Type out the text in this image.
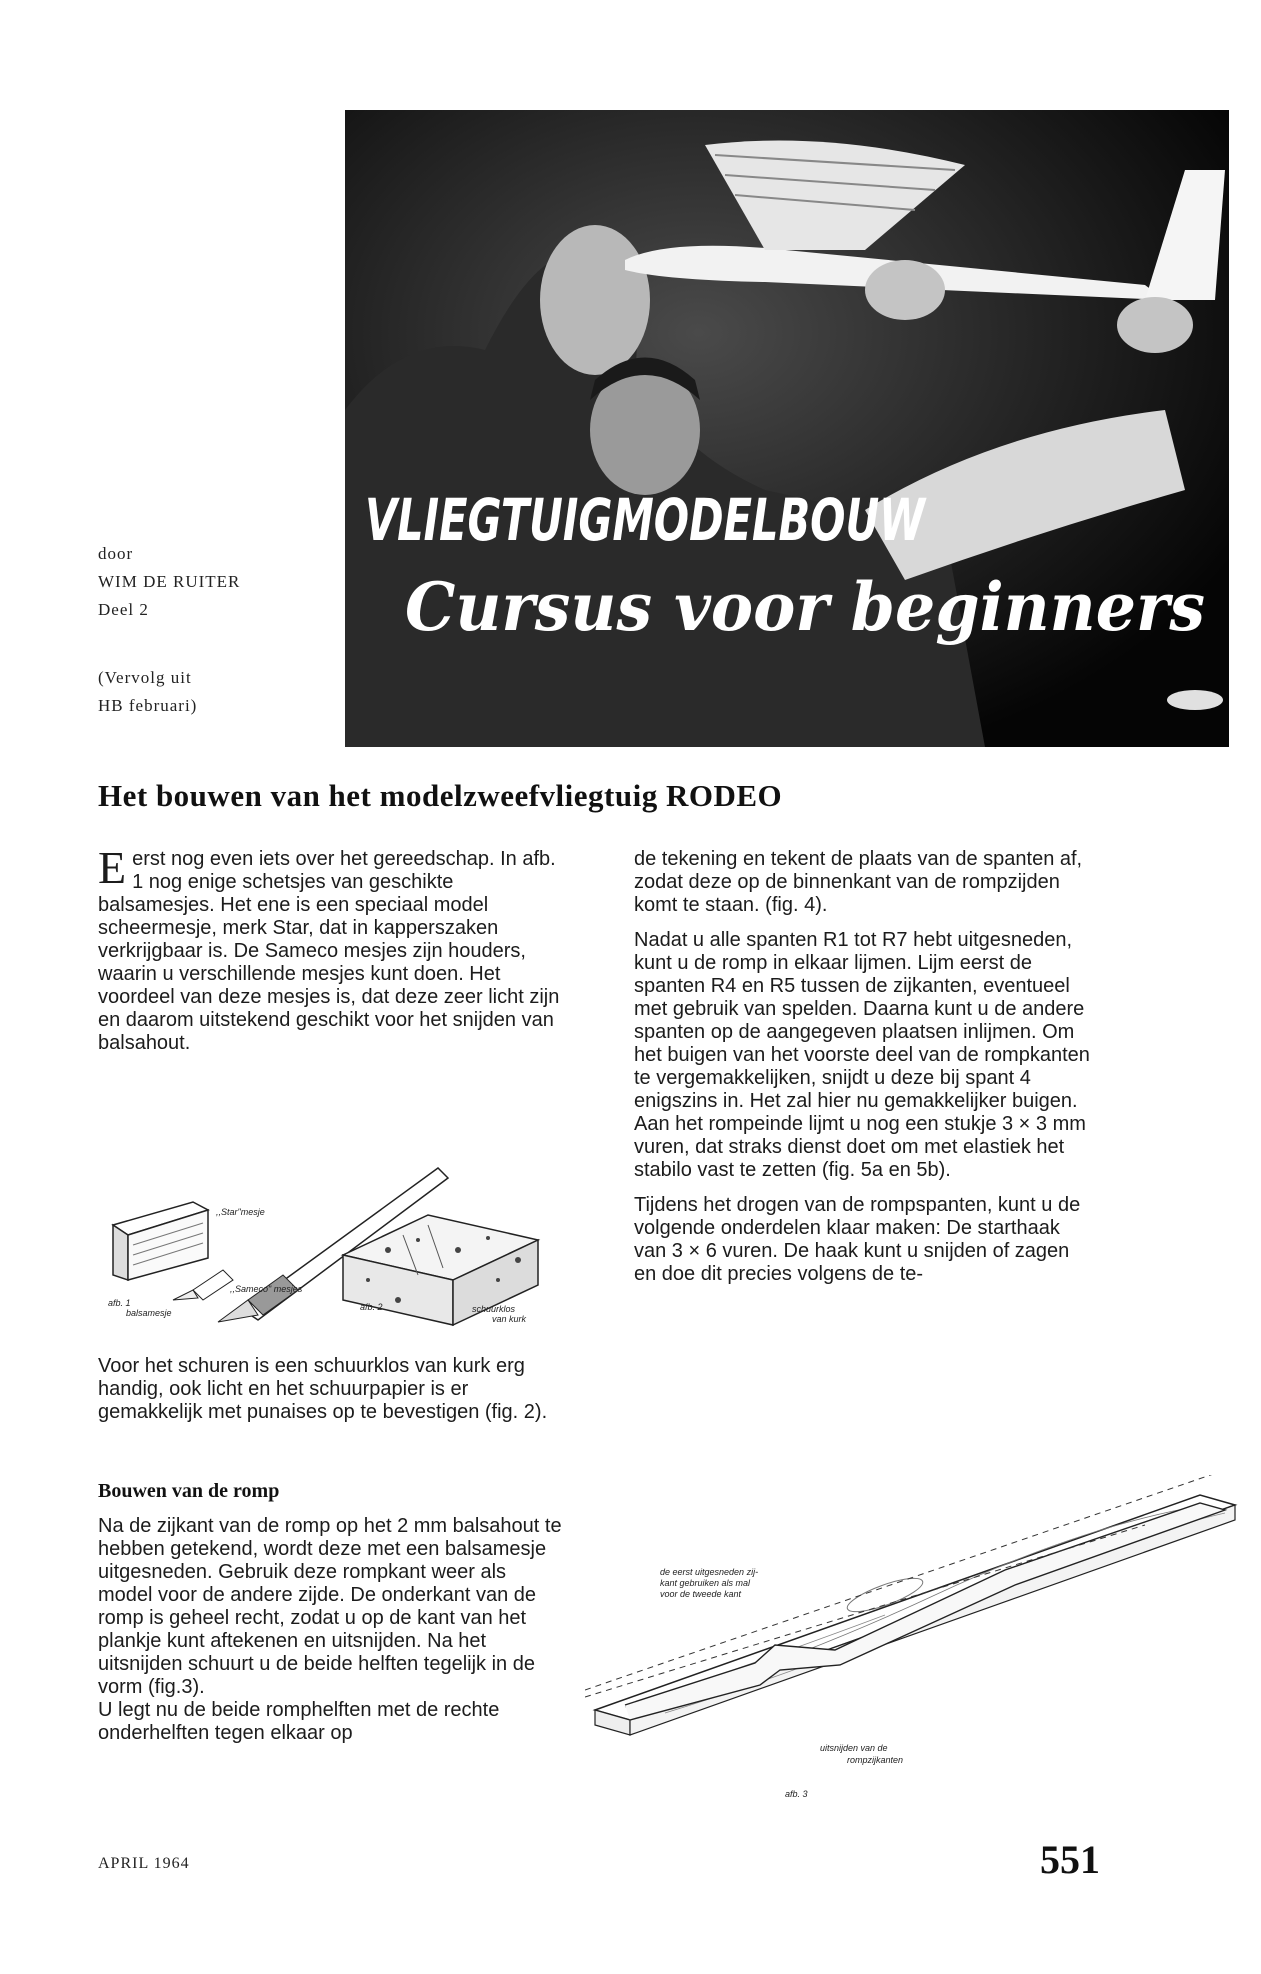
door
WIM DE RUITER
Deel 2
(Vervolg uit
HB februari)
VLIEGTUIGMODELBOUW
Cursus voor beginners
Het bouwen van het modelzweefvliegtuig RODEO

Eerst nog even iets over het gereedschap. In afb. 1 nog enige schetsjes van geschikte balsamesjes. Het ene is een speciaal model scheermesje, merk Star, dat in kapperszaken verkrijgbaar is. De Sameco mesjes zijn houders, waarin u verschillende mesjes kunt doen. Het voordeel van deze mesjes is, dat deze zeer licht zijn en daarom uitstekend geschikt voor het snijden van balsahout.

,,Star"mesje
,,Sameco" mesjes
afb. 1
balsamesje
afb. 2	schuurklos
van kurk

Voor het schuren is een schuurklos van kurk erg handig, ook licht en het schuurpapier is er gemakkelijk met punaises op te bevestigen (fig. 2).

Bouwen van de romp

Na de zijkant van de romp op het 2 mm balsahout te hebben getekend, wordt deze met een balsamesje uitgesneden. Gebruik deze rompkant weer als model voor de andere zijde. De onderkant van de romp is geheel recht, zodat u op de kant van het plankje kunt aftekenen en uitsnijden. Na het uitsnijden schuurt u de beide helften tegelijk in de vorm (fig.3).

U legt nu de beide romphelften met de rechte onderhelften tegen elkaar op

de tekening en tekent de plaats van de spanten af, zodat deze op de binnenkant van de rompzijden komt te staan. (fig. 4).

Nadat u alle spanten R1 tot R7 hebt uitgesneden, kunt u de romp in elkaar lijmen. Lijm eerst de spanten R4 en R5 tussen de zijkanten, eventueel met gebruik van spelden. Daarna kunt u de andere spanten op de aangegeven plaatsen inlijmen. Om het buigen van het voorste deel van de rompkanten te vergemakkelijken, snijdt u deze bij spant 4 enigszins in. Het zal hier nu gemakkelijker buigen. Aan het rompeinde lijmt u nog een stukje 3 × 3 mm vuren, dat straks dienst doet om met elastiek het stabilo vast te zetten (fig. 5a en 5b).

Tijdens het drogen van de rompspanten, kunt u de volgende onderdelen klaar maken: De starthaak van 3 × 6 vuren. De haak kunt u snijden of zagen en doe dit precies volgens de te-

de eerst uitgesneden zij-
kant gebruiken als mal
voor de tweede kant
uitsnijden van de
rompzijkanten
afb. 3
APRIL 1964	551
